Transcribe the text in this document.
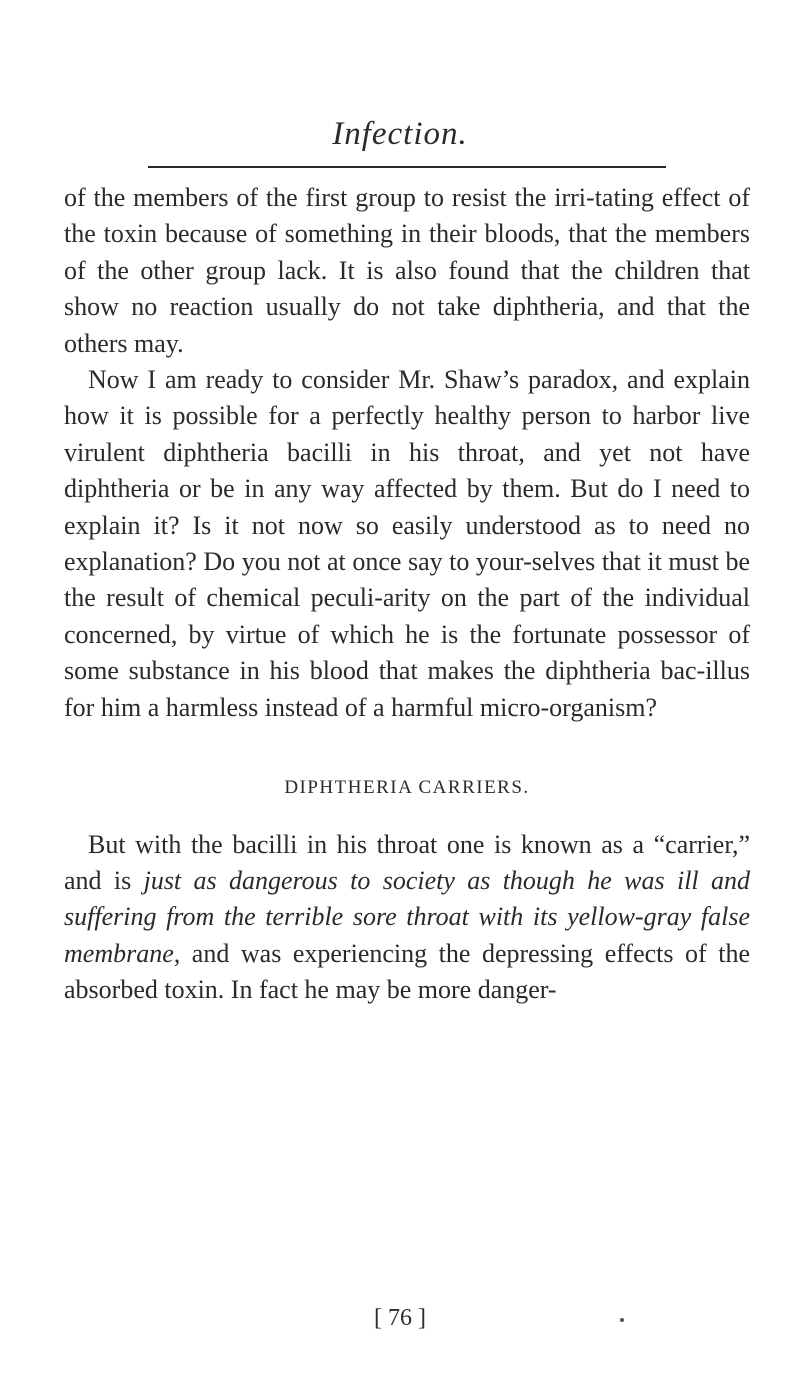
Infection.

of the members of the first group to resist the irri-tating effect of the toxin because of something in their bloods, that the members of the other group lack. It is also found that the children that show no reaction usually do not take diphtheria, and that the others may.

Now I am ready to consider Mr. Shaw’s paradox, and explain how it is possible for a perfectly healthy person to harbor live virulent diphtheria bacilli in his throat, and yet not have diphtheria or be in any way affected by them. But do I need to explain it? Is it not now so easily understood as to need no explanation? Do you not at once say to your-selves that it must be the result of chemical peculi-arity on the part of the individual concerned, by virtue of which he is the fortunate possessor of some substance in his blood that makes the diphtheria bac-illus for him a harmless instead of a harmful micro-organism?

DIPHTHERIA CARRIERS.

But with the bacilli in his throat one is known as a “carrier,” and is just as dangerous to society as though he was ill and suffering from the terrible sore throat with its yellow-gray false membrane, and was experiencing the depressing effects of the absorbed toxin. In fact he may be more danger-

[ 76 ]
